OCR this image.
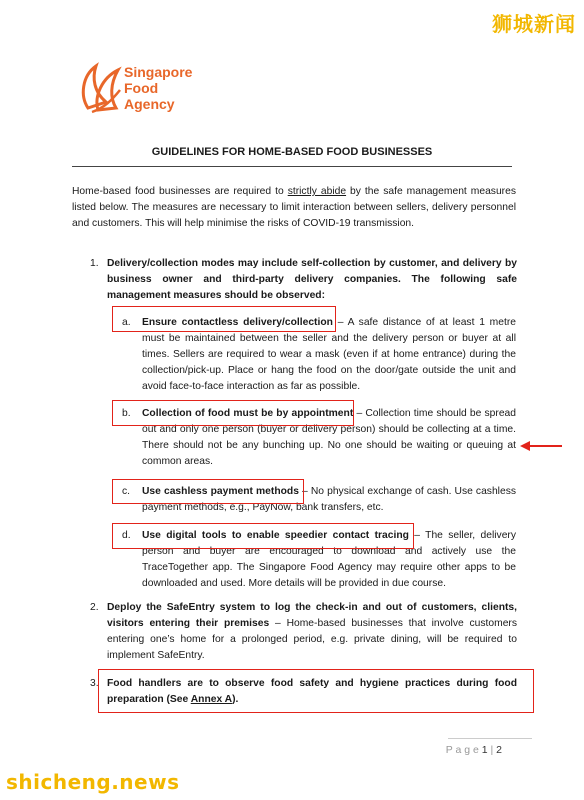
狮城新闻
shicheng.news
Singapore
Food
Agency
GUIDELINES FOR HOME-BASED FOOD BUSINESSES
Home-based food businesses are required to strictly abide by the safe management measures listed below. The measures are necessary to limit interaction between sellers, delivery personnel and customers. This will help minimise the risks of COVID-19 transmission.
1. Delivery/collection modes may include self-collection by customer, and delivery by business owner and third-party delivery companies. The following safe management measures should be observed:
a. Ensure contactless delivery/collection – A safe distance of at least 1 metre must be maintained between the seller and the delivery person or buyer at all times. Sellers are required to wear a mask (even if at home entrance) during the collection/pick-up. Place or hang the food on the door/gate outside the unit and avoid face-to-face interaction as far as possible.
b. Collection of food must be by appointment – Collection time should be spread out and only one person (buyer or delivery person) should be collecting at a time. There should not be any bunching up. No one should be waiting or queuing at common areas.
c. Use cashless payment methods – No physical exchange of cash. Use cashless payment methods, e.g., PayNow, bank transfers, etc.
d. Use digital tools to enable speedier contact tracing – The seller, delivery person and buyer are encouraged to download and actively use the TraceTogether app. The Singapore Food Agency may require other apps to be downloaded and used. More details will be provided in due course.
2. Deploy the SafeEntry system to log the check-in and out of customers, clients, visitors entering their premises – Home-based businesses that involve customers entering one’s home for a prolonged period, e.g. private dining, will be required to implement SafeEntry.
3. Food handlers are to observe food safety and hygiene practices during food preparation (See Annex A).
P a g e 1 | 2
